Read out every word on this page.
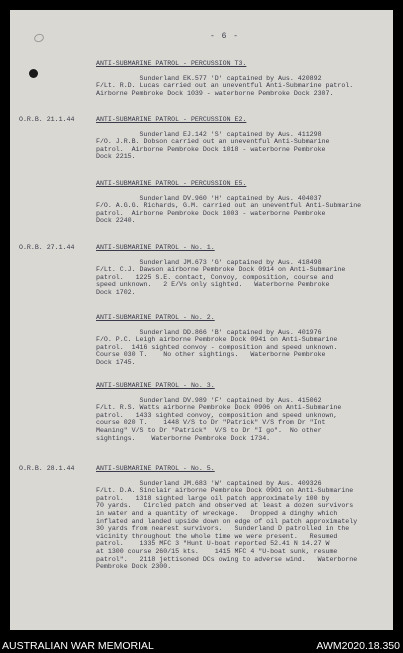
- 6 -
ANTI-SUBMARINE PATROL - PERCUSSION T3.
Sunderland EK.577 'D' captained by Aus. 420892
F/Lt. R.D. Lucas carried out an uneventful Anti-Submarine patrol.
Airborne Pembroke Dock 1039 - waterborne Pembroke Dock 2307.
O.R.B. 21.1.44	ANTI-SUBMARINE PATROL - PERCUSSION E2.
Sunderland EJ.142 'S' captained by Aus. 411298
F/O. J.R.B. Dobson carried out an uneventful Anti-Submarine
patrol.  Airborne Pembroke Dock 1018 - waterborne Pembroke
Dock 2215.
ANTI-SUBMARINE PATROL - PERCUSSION E5.
Sunderland DV.960 'H' captained by Aus. 404037
F/O. A.G.G. Richards, G.M. carried out an uneventful Anti-Submarine
patrol.  Airborne Pembroke Dock 1003 - waterborne Pembroke
Dock 2240.
O.R.B. 27.1.44	ANTI-SUBMARINE PATROL - No. 1.
Sunderland JM.673 'G' captained by Aus. 418498
F/Lt. C.J. Dawson airborne Pembroke Dock 0914 on Anti-Submarine
patrol.   1225 S.E. contact, Convoy, composition, course and
speed unknown.   2 E/Vs only sighted.   Waterborne Pembroke
Dock 1702.
ANTI-SUBMARINE PATROL - No. 2.
Sunderland DD.866 'B' captained by Aus. 401976
F/O. P.C. Leigh airborne Pembroke Dock 0941 on Anti-Submarine
patrol.  1416 sighted convoy - composition and speed unknown.
Course 030 T.    No other sightings.   Waterborne Pembroke
Dock 1745.
ANTI-SUBMARINE PATROL - No. 3.
Sunderland DV.989 'F' captained by Aus. 415062
F/Lt. R.S. Watts airborne Pembroke Dock 0906 on Anti-Submarine
patrol.   1433 sighted convoy, composition and speed unknown,
course 020 T.    1448 V/S to Dr "Patrick" V/S from Dr "Int
Meaning" V/S to Dr "Patrick"  V/S to Dr "I go".  No other
sightings.    Waterborne Pembroke Dock 1734.
O.R.B. 28.1.44	ANTI-SUBMARINE PATROL - No. 5.
Sunderland JM.683 'W' captained by Aus. 409326
F/Lt. D.A. Sinclair airborne Pembroke Dock 0901 on Anti-Submarine
patrol.   1318 sighted large oil patch approximately 100 by
70 yards.   Circled patch and observed at least a dozen survivors
in water and a quantity of wreckage.   Dropped a dinghy which
inflated and landed upside down on edge of oil patch approximately
30 yards from nearest survivors.   Sunderland D patrolled in the
vicinity throughout the whole time we were present.   Resumed
patrol.    1335 MFC 3 "Hunt U-boat reported 52.41 N 14.27 W
at 1300 course 260/15 kts.    1415 MFC 4 "U-boat sunk, resume
patrol".   2118 jettisoned DCs owing to adverse wind.   Waterborne
Pembroke Dock 2300.
AUSTRALIAN WAR MEMORIAL	AWM2020.18.350
